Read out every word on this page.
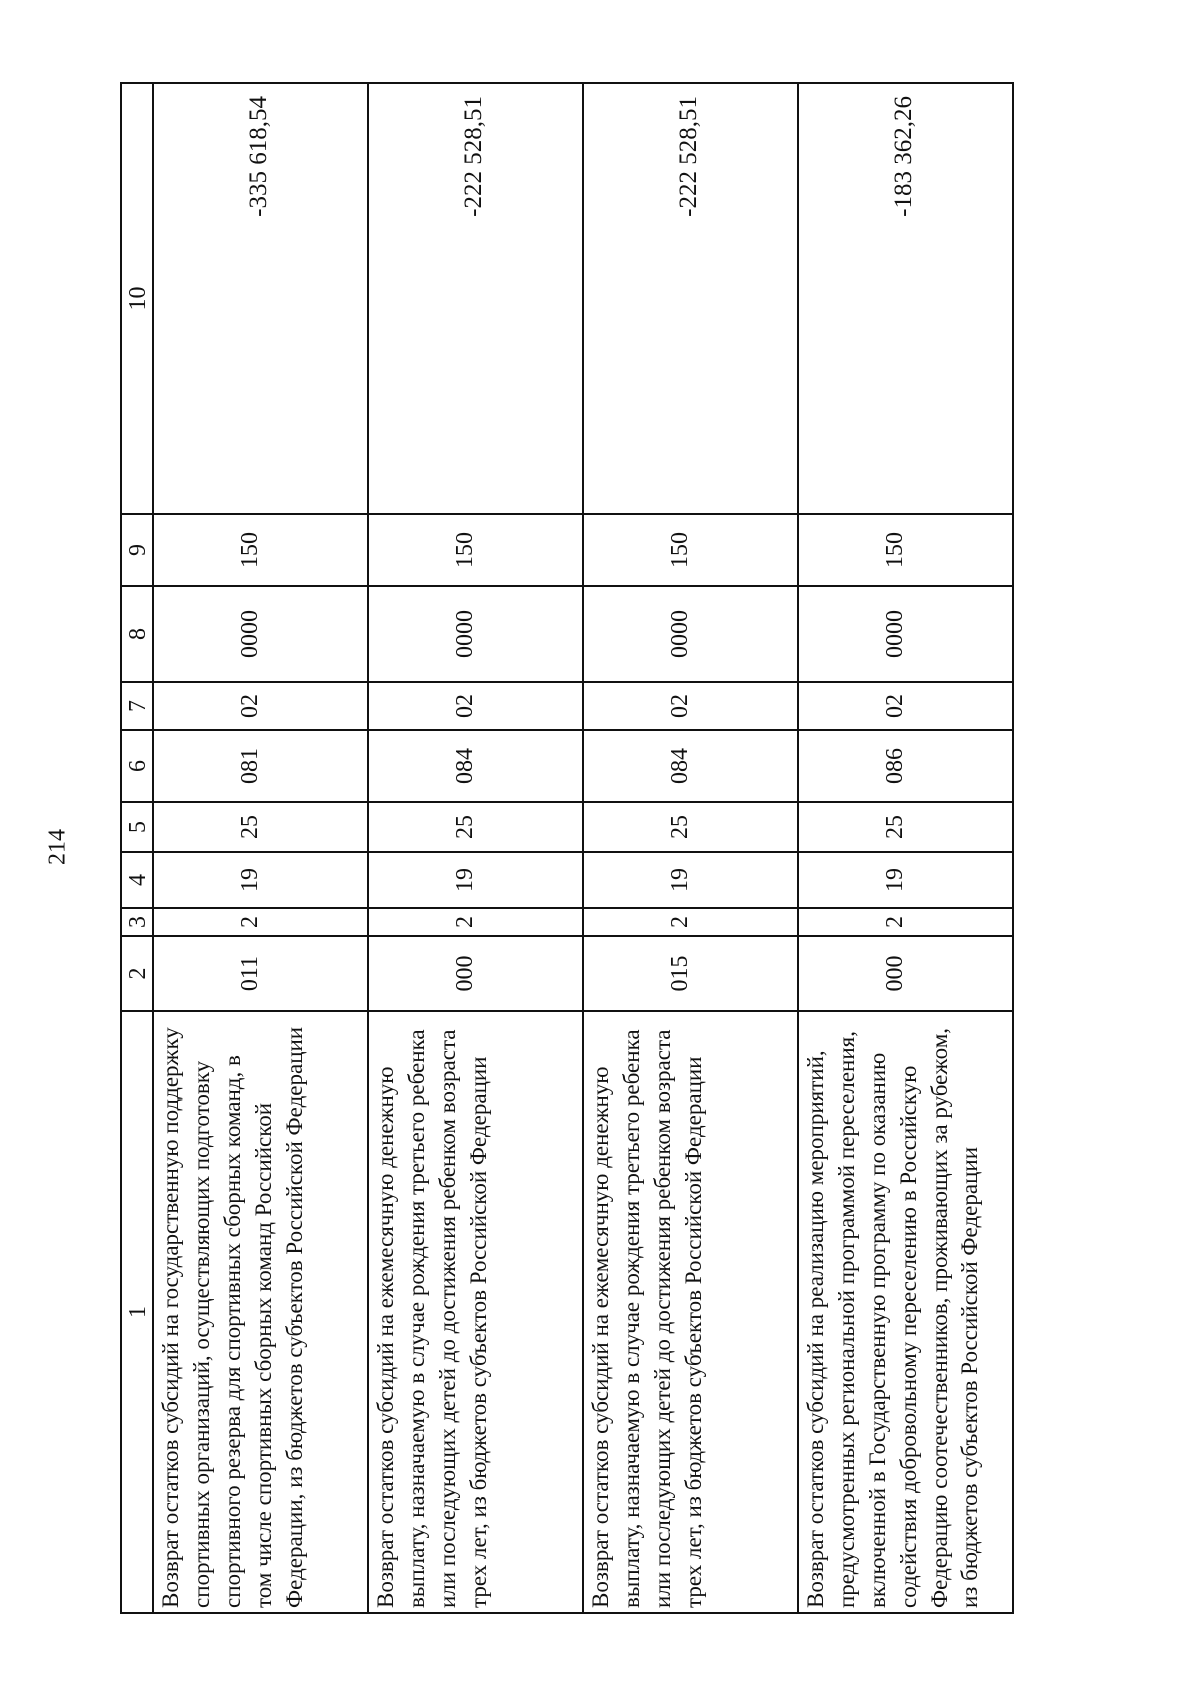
214
1	2	3	4	5	6	7	8	9	10
Возврат остатков субсидий на государственную поддержку спортивных организаций, осуществляющих подготовку спортивного резерва для спортивных сборных команд, в том числе спортивных сборных команд Российской Федерации, из бюджетов субъектов Российской Федерации	011	2	19	25	081	02	0000	150	-335 618,54
Возврат остатков субсидий на ежемесячную денежную выплату, назначаемую в случае рождения третьего ребенка или последующих детей до достижения ребенком возраста трех лет, из бюджетов субъектов Российской Федерации	000	2	19	25	084	02	0000	150	-222 528,51
Возврат остатков субсидий на ежемесячную денежную выплату, назначаемую в случае рождения третьего ребенка или последующих детей до достижения ребенком возраста трех лет, из бюджетов субъектов Российской Федерации	015	2	19	25	084	02	0000	150	-222 528,51
Возврат остатков субсидий на реализацию мероприятий, предусмотренных региональной программой переселения, включенной в Государственную программу по оказанию содействия добровольному переселению в Российскую Федерацию соотечественников, проживающих за рубежом, из бюджетов субъектов Российской Федерации	000	2	19	25	086	02	0000	150	-183 362,26
